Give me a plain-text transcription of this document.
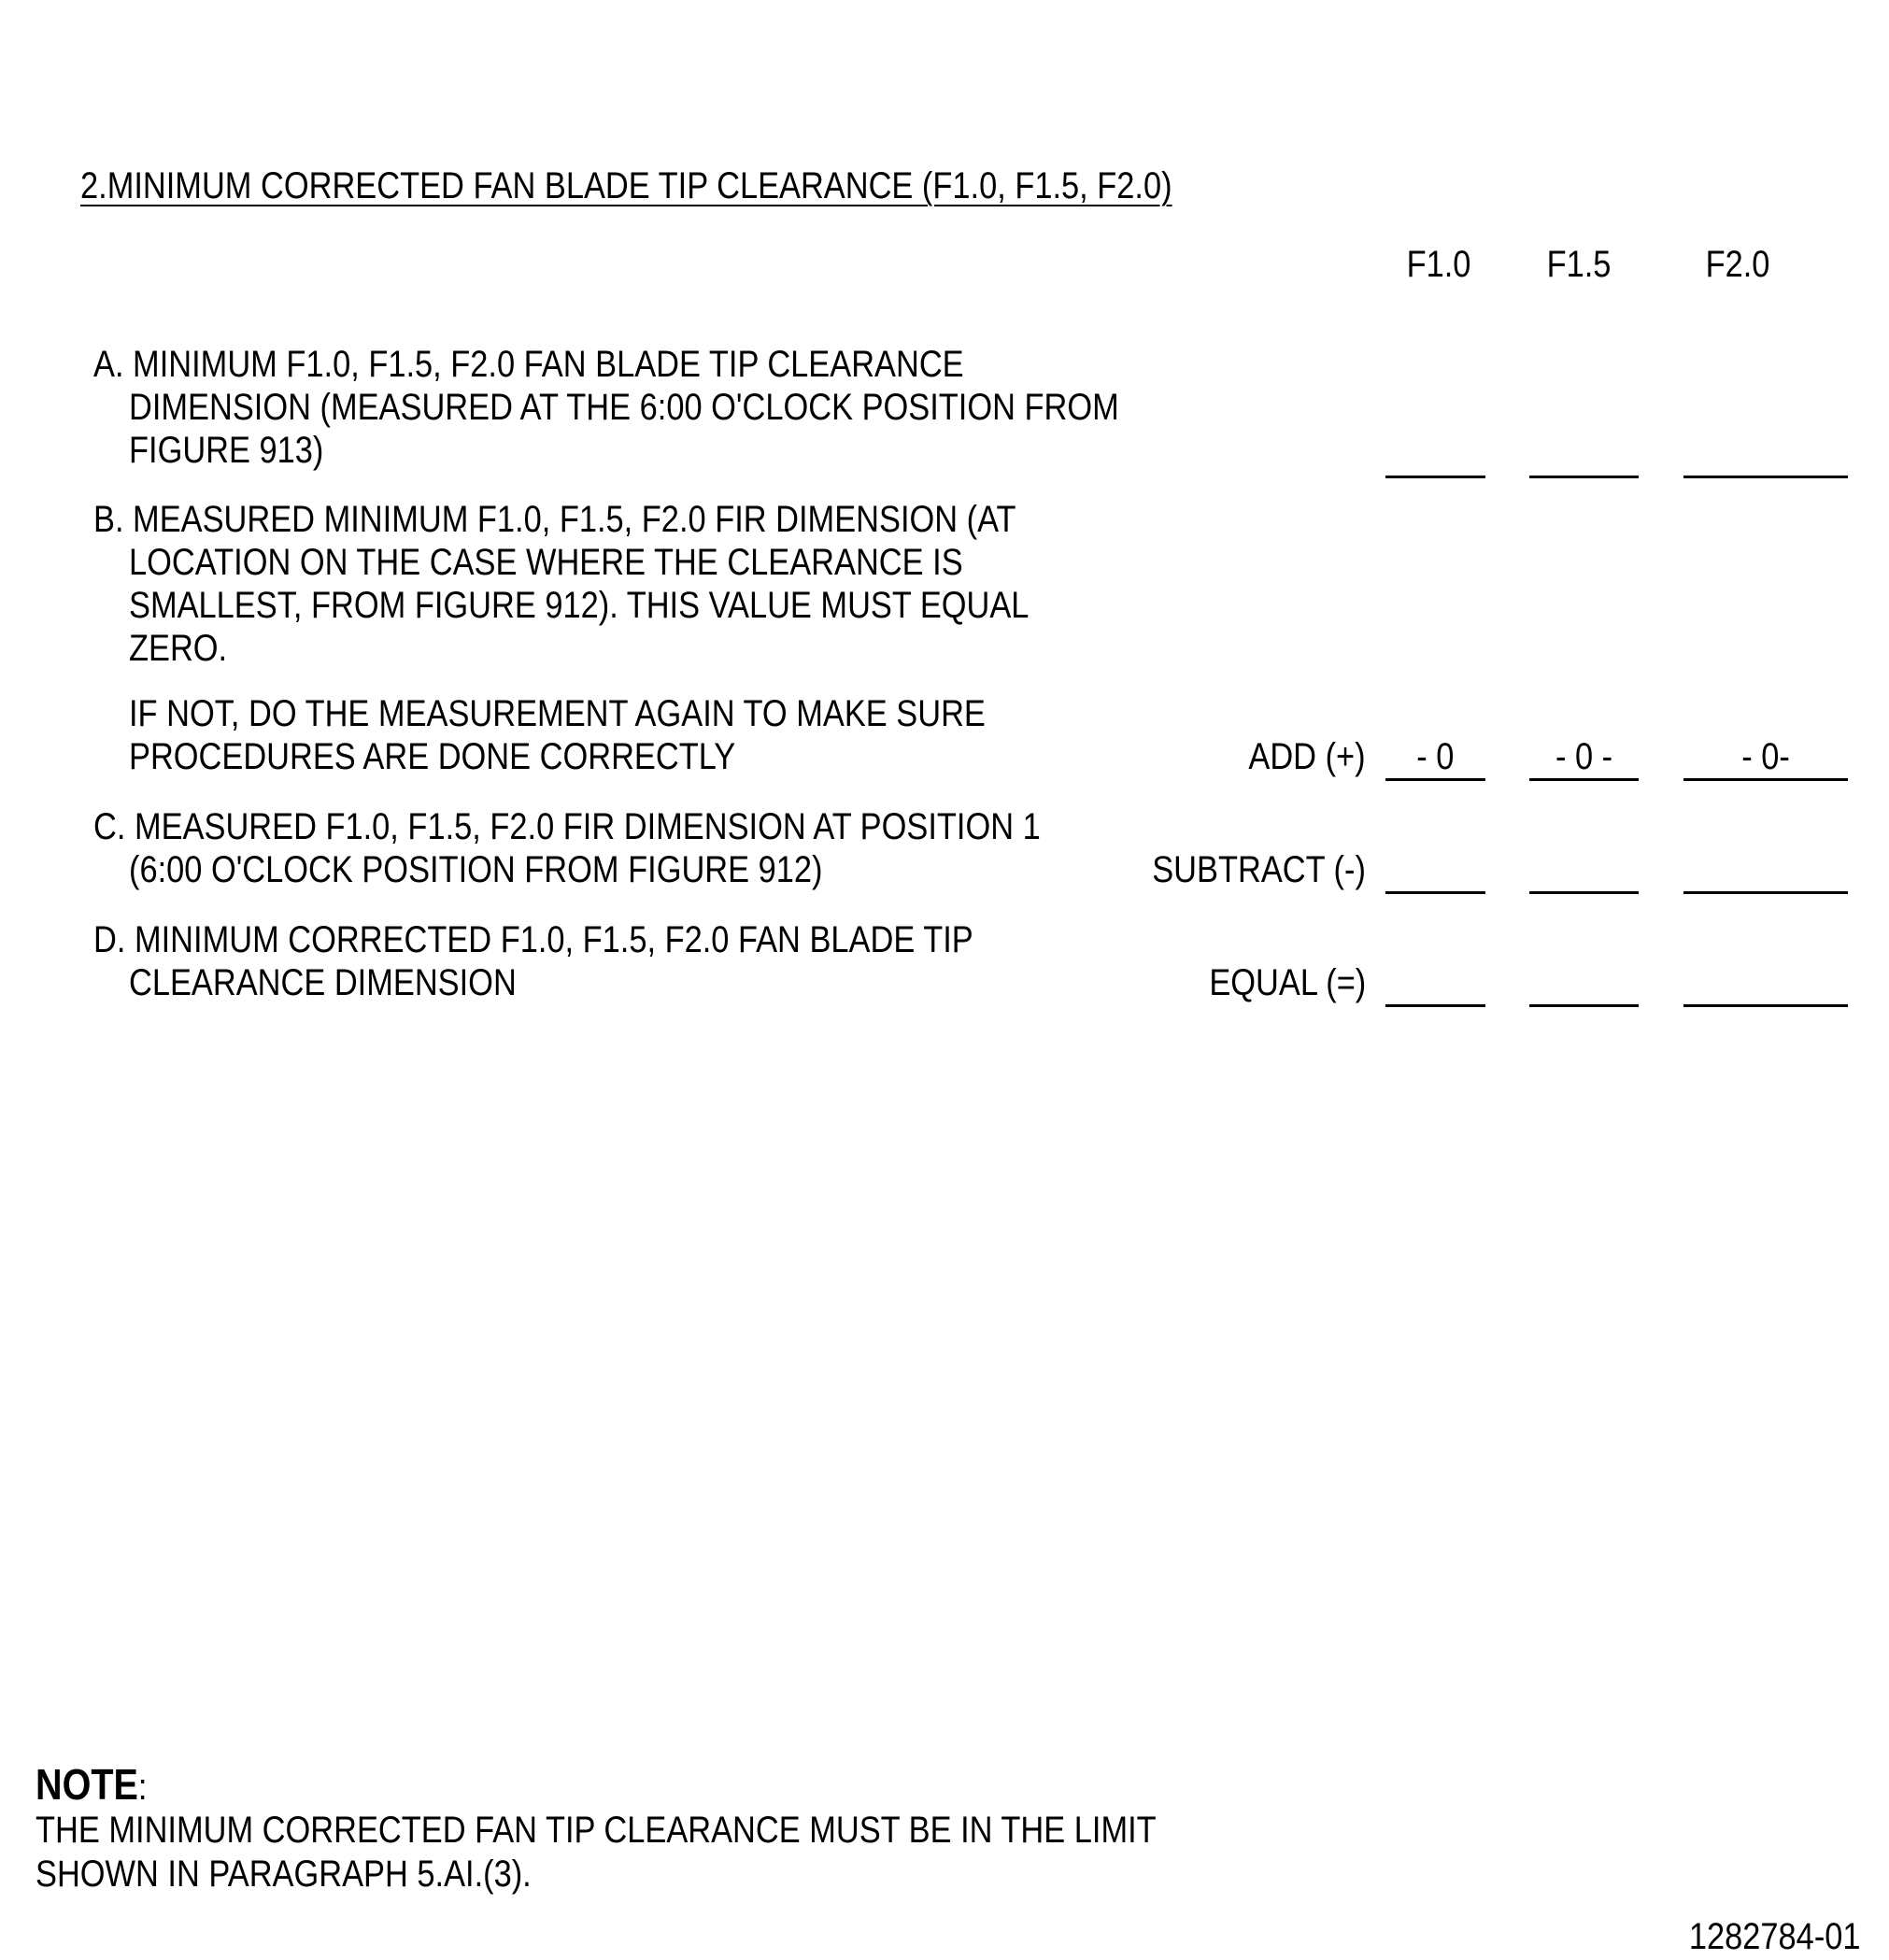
2.MINIMUM CORRECTED FAN BLADE TIP CLEARANCE (F1.0, F1.5, F2.0)
F1.0 F1.5	F2.0
A. MINIMUM F1.0, F1.5, F2.0 FAN BLADE TIP CLEARANCE
DIMENSION (MEASURED AT THE 6:00 O'CLOCK POSITION FROM
FIGURE 913)
B. MEASURED MINIMUM F1.0, F1.5, F2.0 FIR DIMENSION (AT
LOCATION ON THE CASE WHERE THE CLEARANCE IS
SMALLEST, FROM FIGURE 912). THIS VALUE MUST EQUAL
ZERO.
IF NOT, DO THE MEASUREMENT AGAIN TO MAKE SURE
PROCEDURES ARE DONE CORRECTLY	ADD (+)	- 0	- 0 -	- 0-
C. MEASURED F1.0, F1.5, F2.0 FIR DIMENSION AT POSITION 1
(6:00 O'CLOCK POSITION FROM FIGURE 912)	SUBTRACT (-)
D. MINIMUM CORRECTED F1.0, F1.5, F2.0 FAN BLADE TIP
CLEARANCE DIMENSION	EQUAL (=)
NOTE:
THE MINIMUM CORRECTED FAN TIP CLEARANCE MUST BE IN THE LIMIT
SHOWN IN PARAGRAPH 5.AI.(3).
1282784-01
